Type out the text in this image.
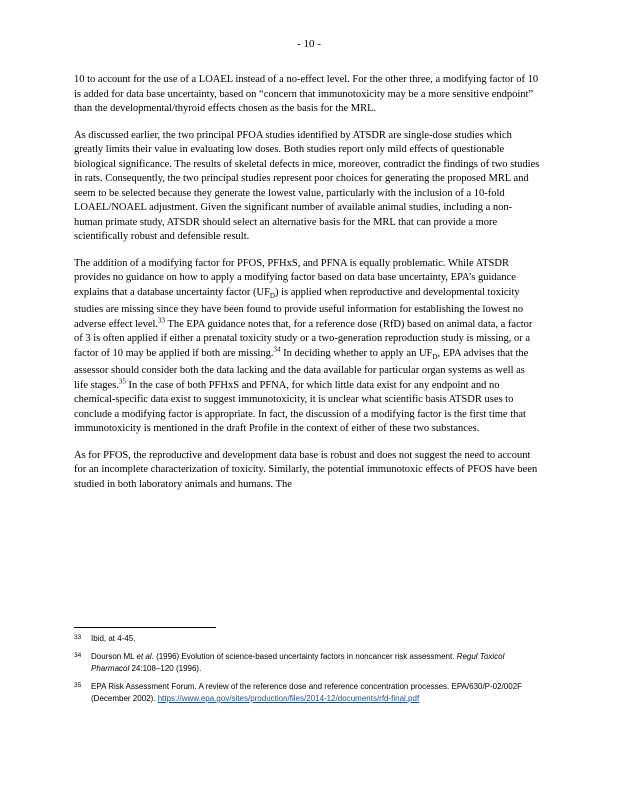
- 10 -

10 to account for the use of a LOAEL instead of a no-effect level. For the other three, a modifying factor of 10 is added for data base uncertainty, based on “concern that immunotoxicity may be a more sensitive endpoint” than the developmental/thyroid effects chosen as the basis for the MRL.

As discussed earlier, the two principal PFOA studies identified by ATSDR are single-dose studies which greatly limits their value in evaluating low doses. Both studies report only mild effects of questionable biological significance. The results of skeletal defects in mice, moreover, contradict the findings of two studies in rats. Consequently, the two principal studies represent poor choices for generating the proposed MRL and seem to be selected because they generate the lowest value, particularly with the inclusion of a 10-fold LOAEL/NOAEL adjustment. Given the significant number of available animal studies, including a non-human primate study, ATSDR should select an alternative basis for the MRL that can provide a more scientifically robust and defensible result.

The addition of a modifying factor for PFOS, PFHxS, and PFNA is equally problematic. While ATSDR provides no guidance on how to apply a modifying factor based on data base uncertainty, EPA’s guidance explains that a database uncertainty factor $(UF_D)$ is applied when reproductive and developmental toxicity studies are missing since they have been found to provide useful information for establishing the lowest no adverse effect level.$^{33}$ The EPA guidance notes that, for a reference dose (RfD) based on animal data, a factor of 3 is often applied if either a prenatal toxicity study or a two-generation reproduction study is missing, or a factor of 10 may be applied if both are missing.$^{34}$ In deciding whether to apply an $UF_D$, EPA advises that the assessor should consider both the data lacking and the data available for particular organ systems as well as life stages.$^{35}$ In the case of both PFHxS and PFNA, for which little data exist for any endpoint and no chemical-specific data exist to suggest immunotoxicity, it is unclear what scientific basis ATSDR uses to conclude a modifying factor is appropriate. In fact, the discussion of a modifying factor is the first time that immunotoxicity is mentioned in the draft Profile in the context of either of these two substances.

As for PFOS, the reproductive and development data base is robust and does not suggest the need to account for an incomplete characterization of toxicity. Similarly, the potential immunotoxic effects of PFOS have been studied in both laboratory animals and humans. The

33 Ibid, at 4-45.
34 Dourson ML et al. (1996) Evolution of science-based uncertainty factors in noncancer risk assessment. Regul Toxicol Pharmacol 24:108–120 (1996).
35 EPA Risk Assessment Forum. A review of the reference dose and reference concentration processes. EPA/630/P-02/002F (December 2002). https://www.epa.gov/sites/production/files/2014-12/documents/rfd-final.pdf
